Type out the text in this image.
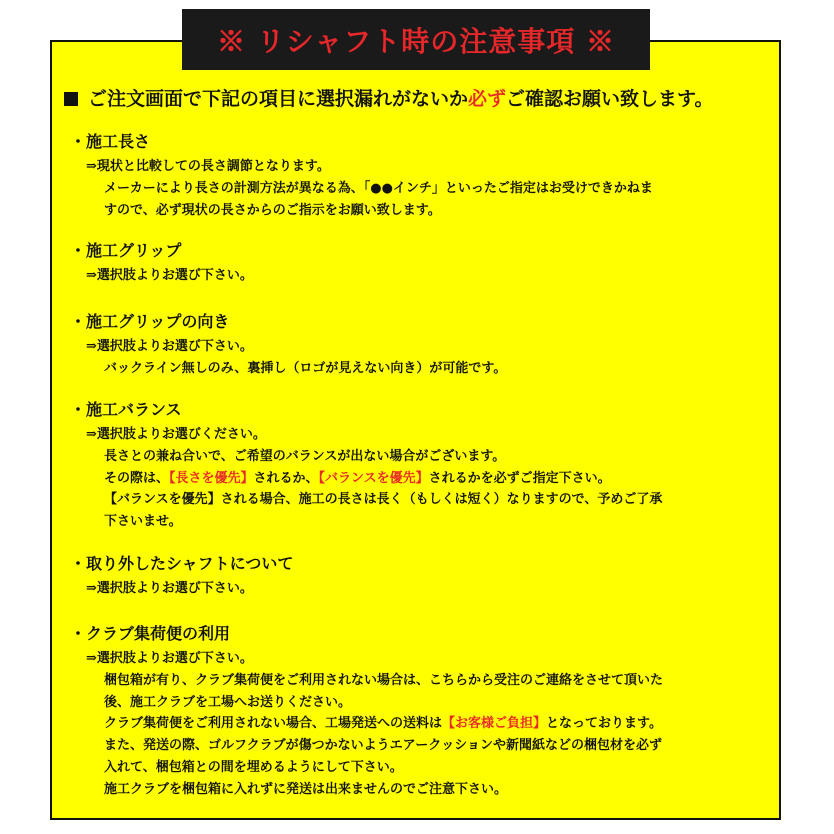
※ リシャフト時の注意事項 ※
ご注文画面で下記の項目に選択漏れがないか必ずご確認お願い致します。
・施工長さ
⇒現状と比較しての長さ調節となります。
メーカーにより長さの計測方法が異なる為、「●●インチ」といったご指定はお受けできかねま
すので、必ず現状の長さからのご指示をお願い致します。
・施工グリップ
⇒選択肢よりお選び下さい。
・施工グリップの向き
⇒選択肢よりお選び下さい。
バックライン無しのみ、裏挿し（ロゴが見えない向き）が可能です。
・施工バランス
⇒選択肢よりお選びください。
長さとの兼ね合いで、ご希望のバランスが出ない場合がございます。
その際は、【長さを優先】されるか、【バランスを優先】されるかを必ずご指定下さい。
【バランスを優先】される場合、施工の長さは長く（もしくは短く）なりますので、予めご了承
下さいませ。
・取り外したシャフトについて
⇒選択肢よりお選び下さい。
・クラブ集荷便の利用
⇒選択肢よりお選び下さい。
梱包箱が有り、クラブ集荷便をご利用されない場合は、こちらから受注のご連絡をさせて頂いた
後、施工クラブを工場へお送りください。
クラブ集荷便をご利用されない場合、工場発送への送料は【お客様ご負担】となっております。
また、発送の際、ゴルフクラブが傷つかないようエアークッションや新聞紙などの梱包材を必ず
入れて、梱包箱との間を埋めるようにして下さい。
施工クラブを梱包箱に入れずに発送は出来ませんのでご注意下さい。
